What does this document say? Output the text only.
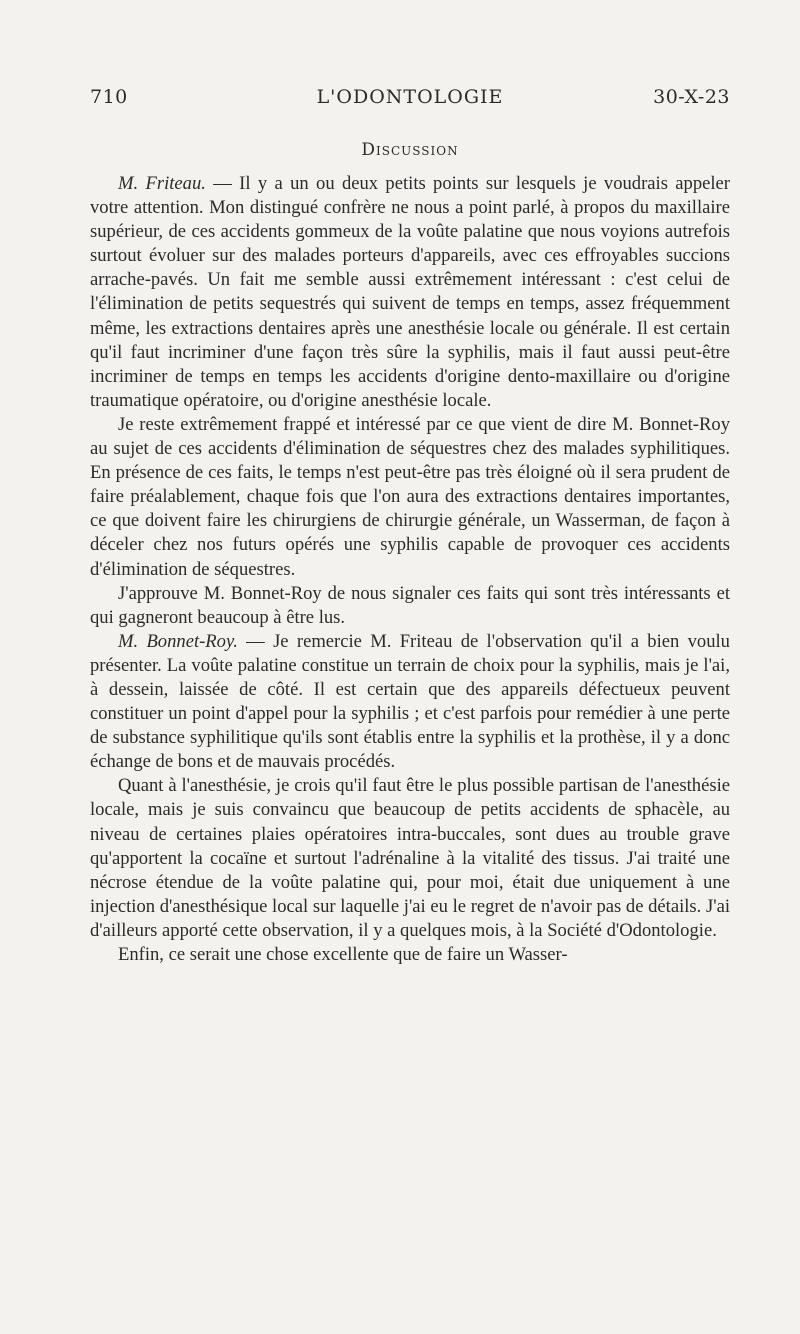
710	L'ODONTOLOGIE	30-X-23
Discussion

M. Friteau. — Il y a un ou deux petits points sur lesquels je voudrais appeler votre attention. Mon distingué confrère ne nous a point parlé, à propos du maxillaire supérieur, de ces accidents gommeux de la voûte palatine que nous voyions autrefois surtout évoluer sur des malades porteurs d'appareils, avec ces effroyables succions arrache-pavés. Un fait me semble aussi extrêmement intéressant : c'est celui de l'élimination de petits sequestrés qui suivent de temps en temps, assez fréquemment même, les extractions dentaires après une anesthésie locale ou générale. Il est certain qu'il faut incriminer d'une façon très sûre la syphilis, mais il faut aussi peut-être incriminer de temps en temps les accidents d'origine dento-maxillaire ou d'origine traumatique opératoire, ou d'origine anesthésie locale.

Je reste extrêmement frappé et intéressé par ce que vient de dire M. Bonnet-Roy au sujet de ces accidents d'élimination de séquestres chez des malades syphilitiques. En présence de ces faits, le temps n'est peut-être pas très éloigné où il sera prudent de faire préalablement, chaque fois que l'on aura des extractions dentaires importantes, ce que doivent faire les chirurgiens de chirurgie générale, un Wasserman, de façon à déceler chez nos futurs opérés une syphilis capable de provoquer ces accidents d'élimination de séquestres.

J'approuve M. Bonnet-Roy de nous signaler ces faits qui sont très intéressants et qui gagneront beaucoup à être lus.

M. Bonnet-Roy. — Je remercie M. Friteau de l'observation qu'il a bien voulu présenter. La voûte palatine constitue un terrain de choix pour la syphilis, mais je l'ai, à dessein, laissée de côté. Il est certain que des appareils défectueux peuvent constituer un point d'appel pour la syphilis ; et c'est parfois pour remédier à une perte de substance syphilitique qu'ils sont établis entre la syphilis et la prothèse, il y a donc échange de bons et de mauvais procédés.

Quant à l'anesthésie, je crois qu'il faut être le plus possible partisan de l'anesthésie locale, mais je suis convaincu que beaucoup de petits accidents de sphacèle, au niveau de certaines plaies opératoires intra-buccales, sont dues au trouble grave qu'apportent la cocaïne et surtout l'adrénaline à la vitalité des tissus. J'ai traité une nécrose étendue de la voûte palatine qui, pour moi, était due uniquement à une injection d'anesthésique local sur laquelle j'ai eu le regret de n'avoir pas de détails. J'ai d'ailleurs apporté cette observation, il y a quelques mois, à la Société d'Odontologie.

Enfin, ce serait une chose excellente que de faire un Wasser-
